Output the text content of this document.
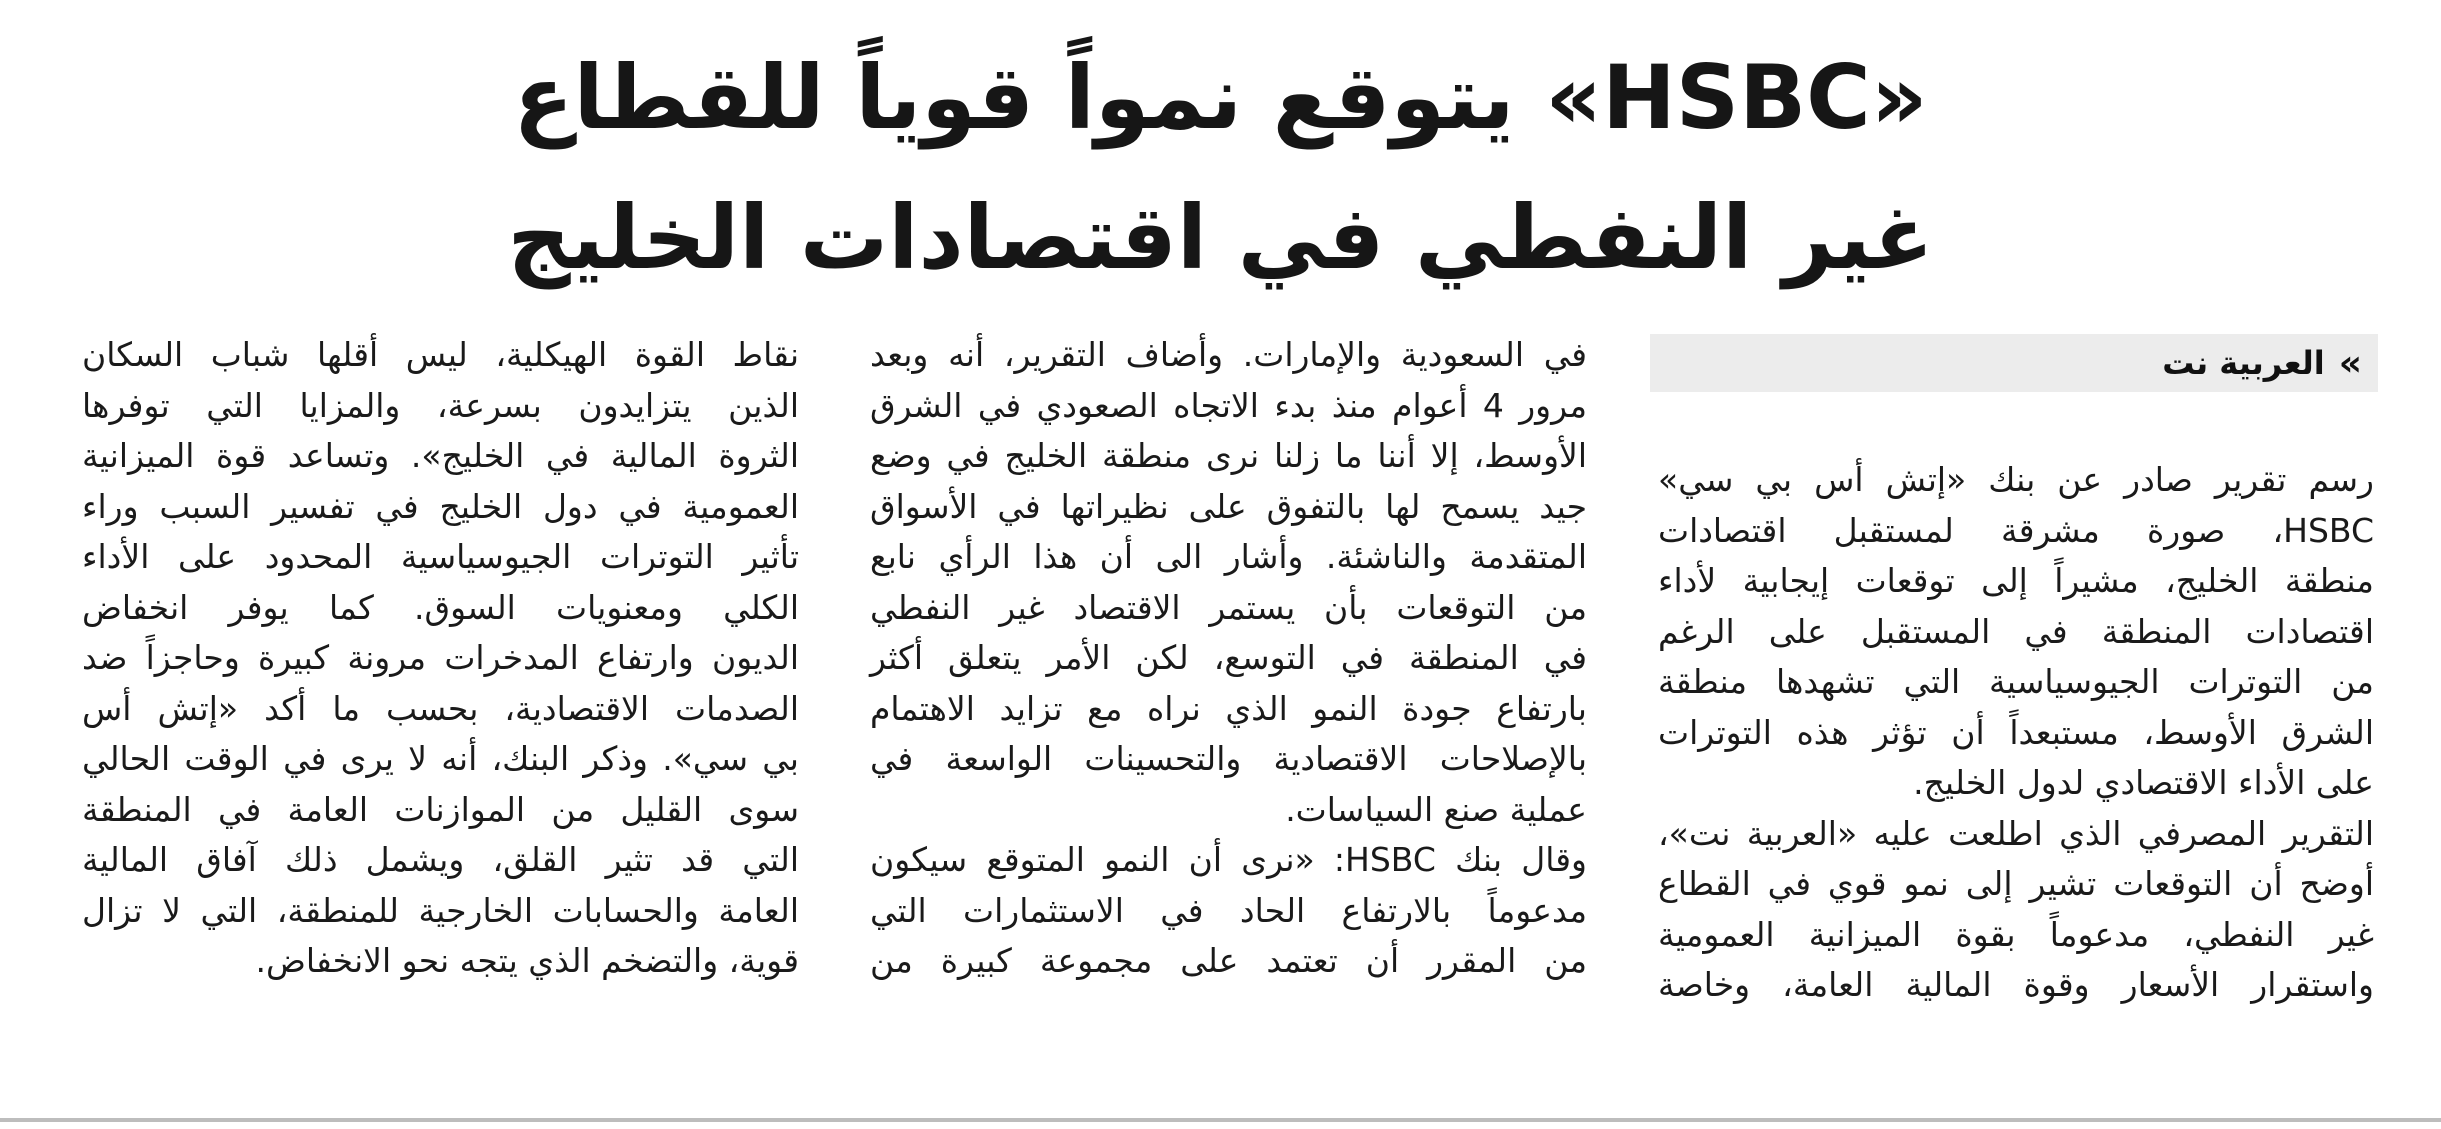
«HSBC» يتوقع نمواً قوياً للقطاع
غير النفطي في اقتصادات الخليج
»
العربية نت
رسم تقرير صادر عن بنك «إتش أس بي سي»
HSBC، صورة مشرقة لمستقبل اقتصادات
منطقة الخليج، مشيراً إلى توقعات إيجابية لأداء
اقتصادات المنطقة في المستقبل على الرغم
من التوترات الجيوسياسية التي تشهدها منطقة
الشرق الأوسط، مستبعداً أن تؤثر هذه التوترات
على الأداء الاقتصادي لدول الخليج.
التقرير المصرفي الذي اطلعت عليه «العربية نت»،
أوضح أن التوقعات تشير إلى نمو قوي في القطاع
غير النفطي، مدعوماً بقوة الميزانية العمومية
واستقرار الأسعار وقوة المالية العامة، وخاصة
في السعودية والإمارات. وأضاف التقرير، أنه وبعد
مرور 4 أعوام منذ بدء الاتجاه الصعودي في الشرق
الأوسط، إلا أننا ما زلنا نرى منطقة الخليج في وضع
جيد يسمح لها بالتفوق على نظيراتها في الأسواق
المتقدمة والناشئة. وأشار الى أن هذا الرأي نابع
من التوقعات بأن يستمر الاقتصاد غير النفطي
في المنطقة في التوسع، لكن الأمر يتعلق أكثر
بارتفاع جودة النمو الذي نراه مع تزايد الاهتمام
بالإصلاحات الاقتصادية والتحسينات الواسعة في
عملية صنع السياسات.
وقال بنك HSBC: «نرى أن النمو المتوقع سيكون
مدعوماً بالارتفاع الحاد في الاستثمارات التي
من المقرر أن تعتمد على مجموعة كبيرة من
نقاط القوة الهيكلية، ليس أقلها شباب السكان
الذين يتزايدون بسرعة، والمزايا التي توفرها
الثروة المالية في الخليج». وتساعد قوة الميزانية
العمومية في دول الخليج في تفسير السبب وراء
تأثير التوترات الجيوسياسية المحدود على الأداء
الكلي ومعنويات السوق. كما يوفر انخفاض
الديون وارتفاع المدخرات مرونة كبيرة وحاجزاً ضد
الصدمات الاقتصادية، بحسب ما أكد «إتش أس
بي سي». وذكر البنك، أنه لا يرى في الوقت الحالي
سوى القليل من الموازنات العامة في المنطقة
التي قد تثير القلق، ويشمل ذلك آفاق المالية
العامة والحسابات الخارجية للمنطقة، التي لا تزال
قوية، والتضخم الذي يتجه نحو الانخفاض.
